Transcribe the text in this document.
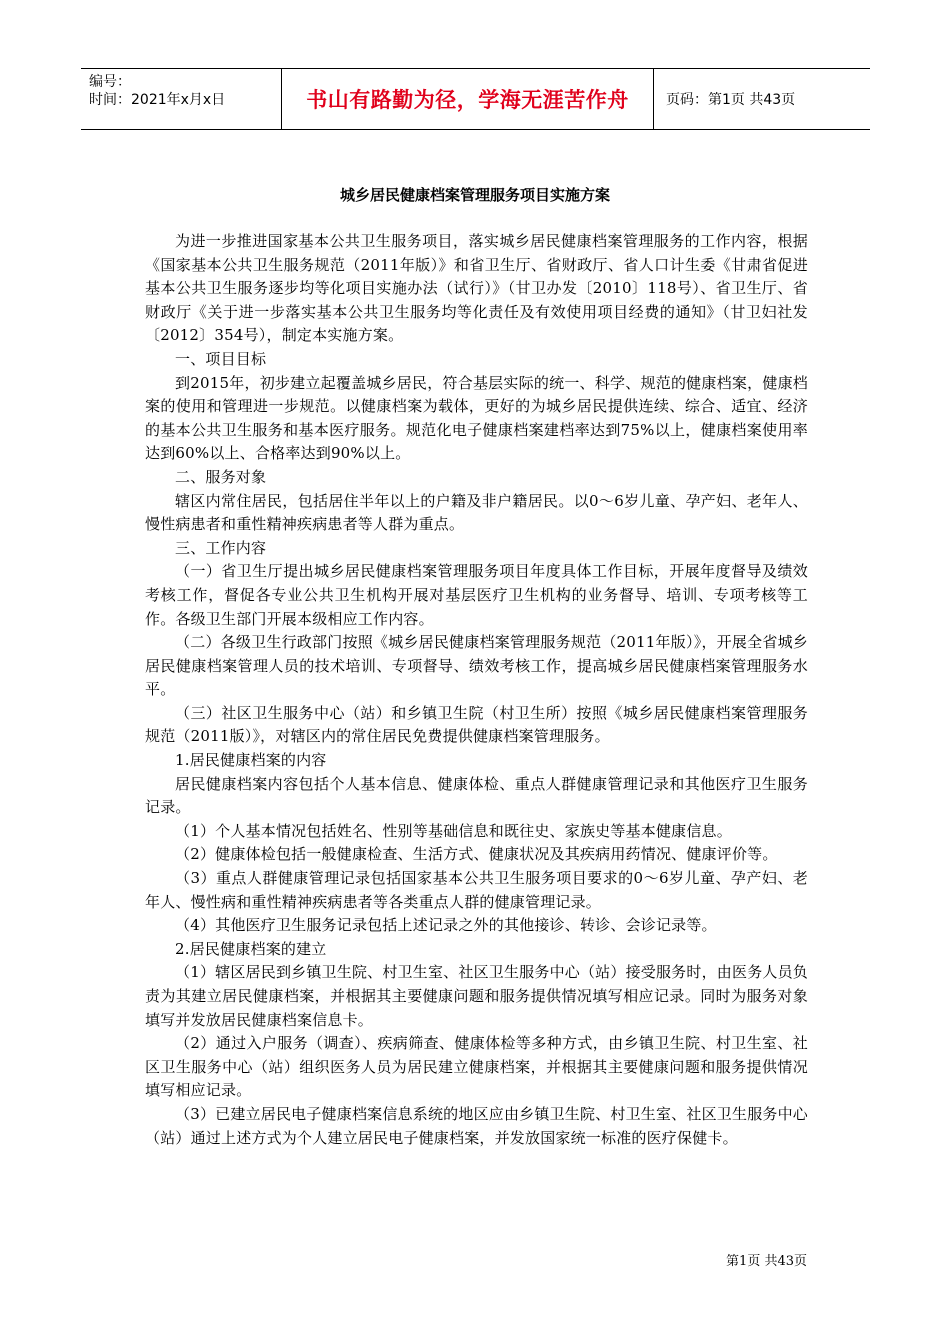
编号：
时间：2021年x月x日	书山有路勤为径，学海无涯苦作舟	页码：第1页 共43页
城乡居民健康档案管理服务项目实施方案

为进一步推进国家基本公共卫生服务项目，落实城乡居民健康档案管理服务的工作内容，根据《国家基本公共卫生服务规范（2011年版）》和省卫生厅、省财政厅、省人口计生委《甘肃省促进基本公共卫生服务逐步均等化项目实施办法（试行）》（甘卫办发〔2010〕118号）、省卫生厅、省财政厅《关于进一步落实基本公共卫生服务均等化责任及有效使用项目经费的通知》（甘卫妇社发〔2012〕354号），制定本实施方案。

一、项目目标

到2015年，初步建立起覆盖城乡居民，符合基层实际的统一、科学、规范的健康档案，健康档案的使用和管理进一步规范。以健康档案为载体，更好的为城乡居民提供连续、综合、适宜、经济的基本公共卫生服务和基本医疗服务。规范化电子健康档案建档率达到75%以上，健康档案使用率达到60%以上、合格率达到90%以上。

二、服务对象

辖区内常住居民，包括居住半年以上的户籍及非户籍居民。以0～6岁儿童、孕产妇、老年人、慢性病患者和重性精神疾病患者等人群为重点。

三、工作内容

（一）省卫生厅提出城乡居民健康档案管理服务项目年度具体工作目标，开展年度督导及绩效考核工作，督促各专业公共卫生机构开展对基层医疗卫生机构的业务督导、培训、专项考核等工作。各级卫生部门开展本级相应工作内容。

（二）各级卫生行政部门按照《城乡居民健康档案管理服务规范（2011年版）》，开展全省城乡居民健康档案管理人员的技术培训、专项督导、绩效考核工作，提高城乡居民健康档案管理服务水平。

（三）社区卫生服务中心（站）和乡镇卫生院（村卫生所）按照《城乡居民健康档案管理服务规范（2011版）》，对辖区内的常住居民免费提供健康档案管理服务。

1.居民健康档案的内容

居民健康档案内容包括个人基本信息、健康体检、重点人群健康管理记录和其他医疗卫生服务记录。

（1）个人基本情况包括姓名、性别等基础信息和既往史、家族史等基本健康信息。

（2）健康体检包括一般健康检查、生活方式、健康状况及其疾病用药情况、健康评价等。

（3）重点人群健康管理记录包括国家基本公共卫生服务项目要求的0～6岁儿童、孕产妇、老年人、慢性病和重性精神疾病患者等各类重点人群的健康管理记录。

（4）其他医疗卫生服务记录包括上述记录之外的其他接诊、转诊、会诊记录等。

2.居民健康档案的建立

（1）辖区居民到乡镇卫生院、村卫生室、社区卫生服务中心（站）接受服务时，由医务人员负责为其建立居民健康档案，并根据其主要健康问题和服务提供情况填写相应记录。同时为服务对象填写并发放居民健康档案信息卡。

（2）通过入户服务（调查）、疾病筛查、健康体检等多种方式，由乡镇卫生院、村卫生室、社区卫生服务中心（站）组织医务人员为居民建立健康档案，并根据其主要健康问题和服务提供情况填写相应记录。

（3）已建立居民电子健康档案信息系统的地区应由乡镇卫生院、村卫生室、社区卫生服务中心（站）通过上述方式为个人建立居民电子健康档案，并发放国家统一标准的医疗保健卡。

第1页 共43页
